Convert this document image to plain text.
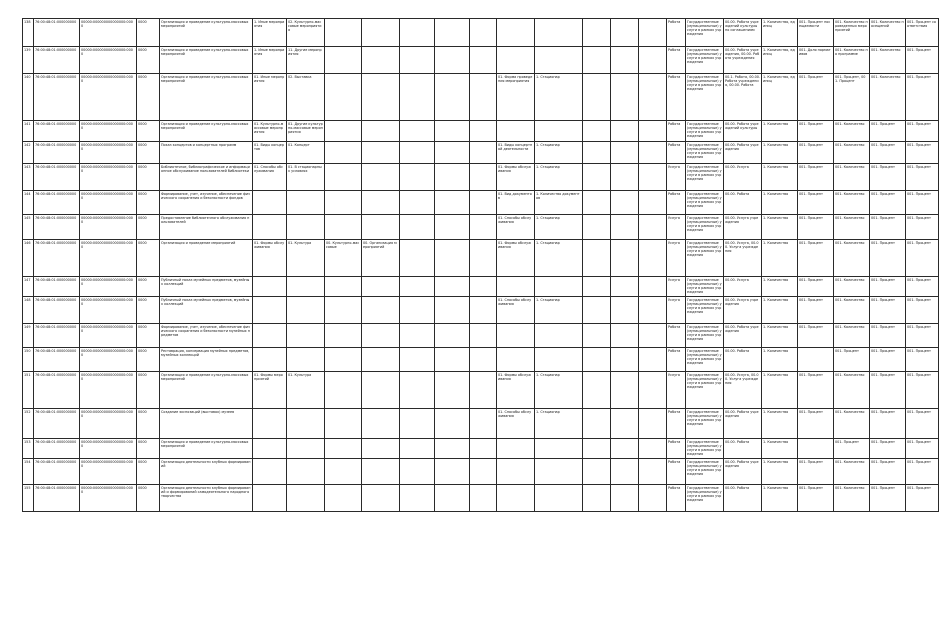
138	76:00:48:01:000000000	00000:000000000000000:0000	0000	Организация и проведение культурно-массовых мероприятий	1. Иные мероприятия	02. Культурно-массовые мероприятия											Работа	Государственные (муниципальные) услуги в рамках учреждения	00.00. Работа учреждений культуры по соглашениям	1. Количество, единиц	001. Процент посещаемости	001. Количество проведенных мероприятий	001. Количество посещений	001. Процент соответствия
139	76:00:48:01:000000000	00000:000000000000000:0000	0000	Организация и проведение культурно-массовых мероприятий	1. Иные мероприятия	11. Другие мероприятия											Работа	Государственные (муниципальные) услуги в рамках учреждения	00.00. Работа учреждения, 00.00. Работа учреждения	1. Количество, единиц	001. Доля нормативов	001. Количество по программе	001. Количество	001. Процент
140	76:00:48:01:000000000	00000:000000000000000:0000	0000	Организация и проведение культурно-массовых мероприятий	01. Иные мероприятия	02. Выставка						01. Форма проведения мероприятия	1. Стационар				Работа	Государственные (муниципальные) услуги в рамках учреждения	00.1. Работа, 00.00. Работа учреждения, 00.00. Работа	1. Количество, единиц	001. Процент	001. Процент, 001. Процент	001. Количество	001. Процент
141	76:00:48:01:000000000	00000:000000000000000:0000	0000	Организация и проведение культурно-массовых мероприятий	01. Культурно-массовые мероприятия	01. Другие культурно-массовые мероприятия											Работа	Государственные (муниципальные) услуги в рамках учреждения	00.00. Работа учреждений культуры	1. Количество	001. Процент	001. Количество	001. Процент	001. Процент
142	76:00:48:01:000000000	00000:000000000000000:0000	0000	Показ концертов и концертных программ	01. Виды концертов	01. Концерт						01. Виды концертной деятельности	1. Стационар				Работа	Государственные (муниципальные) услуги в рамках учреждения	00.00. Работа учреждения	1. Количество	001. Процент	001. Количество	001. Процент	001. Процент
143	76:00:48:01:000000000	00000:000000000000000:0000	0000	Библиотечное, библиографическое и информационное обслуживание пользователей библиотеки	01. Способы обслуживания	01. В стационарных условиях						01. Формы обслуживания	1. Стационар				Услуга	Государственные (муниципальные) услуги в рамках учреждения	00.00. Услуга	1. Количество	001. Процент	001. Количество	001. Процент	001. Процент
144	76:00:48:01:000000000	00000:000000000000000:0000	0000	Формирование, учет, изучение, обеспечение физического сохранения и безопасности фондов								01. Вид документов	1. Количество документов				Работа	Государственные (муниципальные) услуги в рамках учреждения	00.00. Работа	1. Количество	001. Процент	001. Количество	001. Процент	001. Процент
145	76:00:48:01:000000000	00000:000000000000000:0000	0000	Предоставление библиотечного обслуживания пользователей								01. Способы обслуживания	1. Стационар				Услуга	Государственные (муниципальные) услуги в рамках учреждения	00.00. Услуга учреждения	1. Количество	001. Процент	001. Количество	001. Процент	001. Процент
146	76:00:48:01:000000000	00000:000000000000000:0000	0000	Организация и проведение мероприятий	01. Формы обслуживания	01. Культура	00. Культурно-массовые	00. Организация мероприятий				01. Формы обслуживания	1. Стационар				Услуга	Государственные (муниципальные) услуги в рамках учреждения	00.00. Услуга, 00.00. Услуга учреждения	1. Количество	001. Процент	001. Количество	001. Процент	001. Процент
147	76:00:48:01:000000000	00000:000000000000000:0000	0000	Публичный показ музейных предметов, музейных коллекций													Услуга	Государственные (муниципальные) услуги в рамках учреждения	00.00. Услуга	1. Количество	001. Процент	001. Количество	001. Процент	001. Процент
148	76:00:48:01:000000000	00000:000000000000000:0000	0000	Публичный показ музейных предметов, музейных коллекций								01. Способы обслуживания	1. Стационар				Услуга	Государственные (муниципальные) услуги в рамках учреждения	00.00. Услуга учреждения	1. Количество	001. Процент	001. Количество	001. Процент	001. Процент
149	76:00:48:01:000000000	00000:000000000000000:0000	0000	Формирование, учет, изучение, обеспечение физического сохранения и безопасности музейных предметов													Работа	Государственные (муниципальные) услуги в рамках учреждения	00.00. Работа учреждения	1. Количество	001. Процент	001. Количество	001. Процент	001. Процент
150	76:00:48:01:000000000	00000:000000000000000:0000	0000	Реставрация, консервация музейных предметов, музейных коллекций													Работа	Государственные (муниципальные) услуги в рамках учреждения	00.00. Работа	1. Количество		001. Процент	001. Процент	001. Процент
151	76:00:48:01:000000000	00000:000000000000000:0000	0000	Организация и проведение культурно-массовых мероприятий	01. Формы мероприятий	01. Культура						01. Формы обслуживания	1. Стационар				Услуга	Государственные (муниципальные) услуги в рамках учреждения	00.00. Услуга, 00.00. Услуга учреждения	1. Количество	001. Процент	001. Количество	001. Процент	001. Процент
152	76:00:48:01:000000000	00000:000000000000000:0000	0000	Создание экспозиций (выставок) музеев								01. Способы обслуживания	1. Стационар				Работа	Государственные (муниципальные) услуги в рамках учреждения	00.00. Работа учреждения	1. Количество	001. Процент	001. Количество	001. Процент	001. Процент
153	76:00:48:01:000000000	00000:000000000000000:0000	0000	Организация и проведение культурно-массовых мероприятий													Работа	Государственные (муниципальные) услуги в рамках учреждения	00.00. Работа	1. Количество		001. Процент	001. Процент	001. Процент
154	76:00:48:01:000000000	00000:000000000000000:0000	0000	Организация деятельности клубных формирований													Работа	Государственные (муниципальные) услуги в рамках учреждения	00.00. Работа учреждения	1. Количество	001. Процент	001. Количество	001. Процент	001. Процент
155	76:00:48:01:000000000	00000:000000000000000:0000	0000	Организация деятельности клубных формирований и формирований самодеятельного народного творчества													Работа	Государственные (муниципальные) услуги в рамках учреждения	00.00. Работа	1. Количество	001. Процент	001. Количество	001. Процент	001. Процент
